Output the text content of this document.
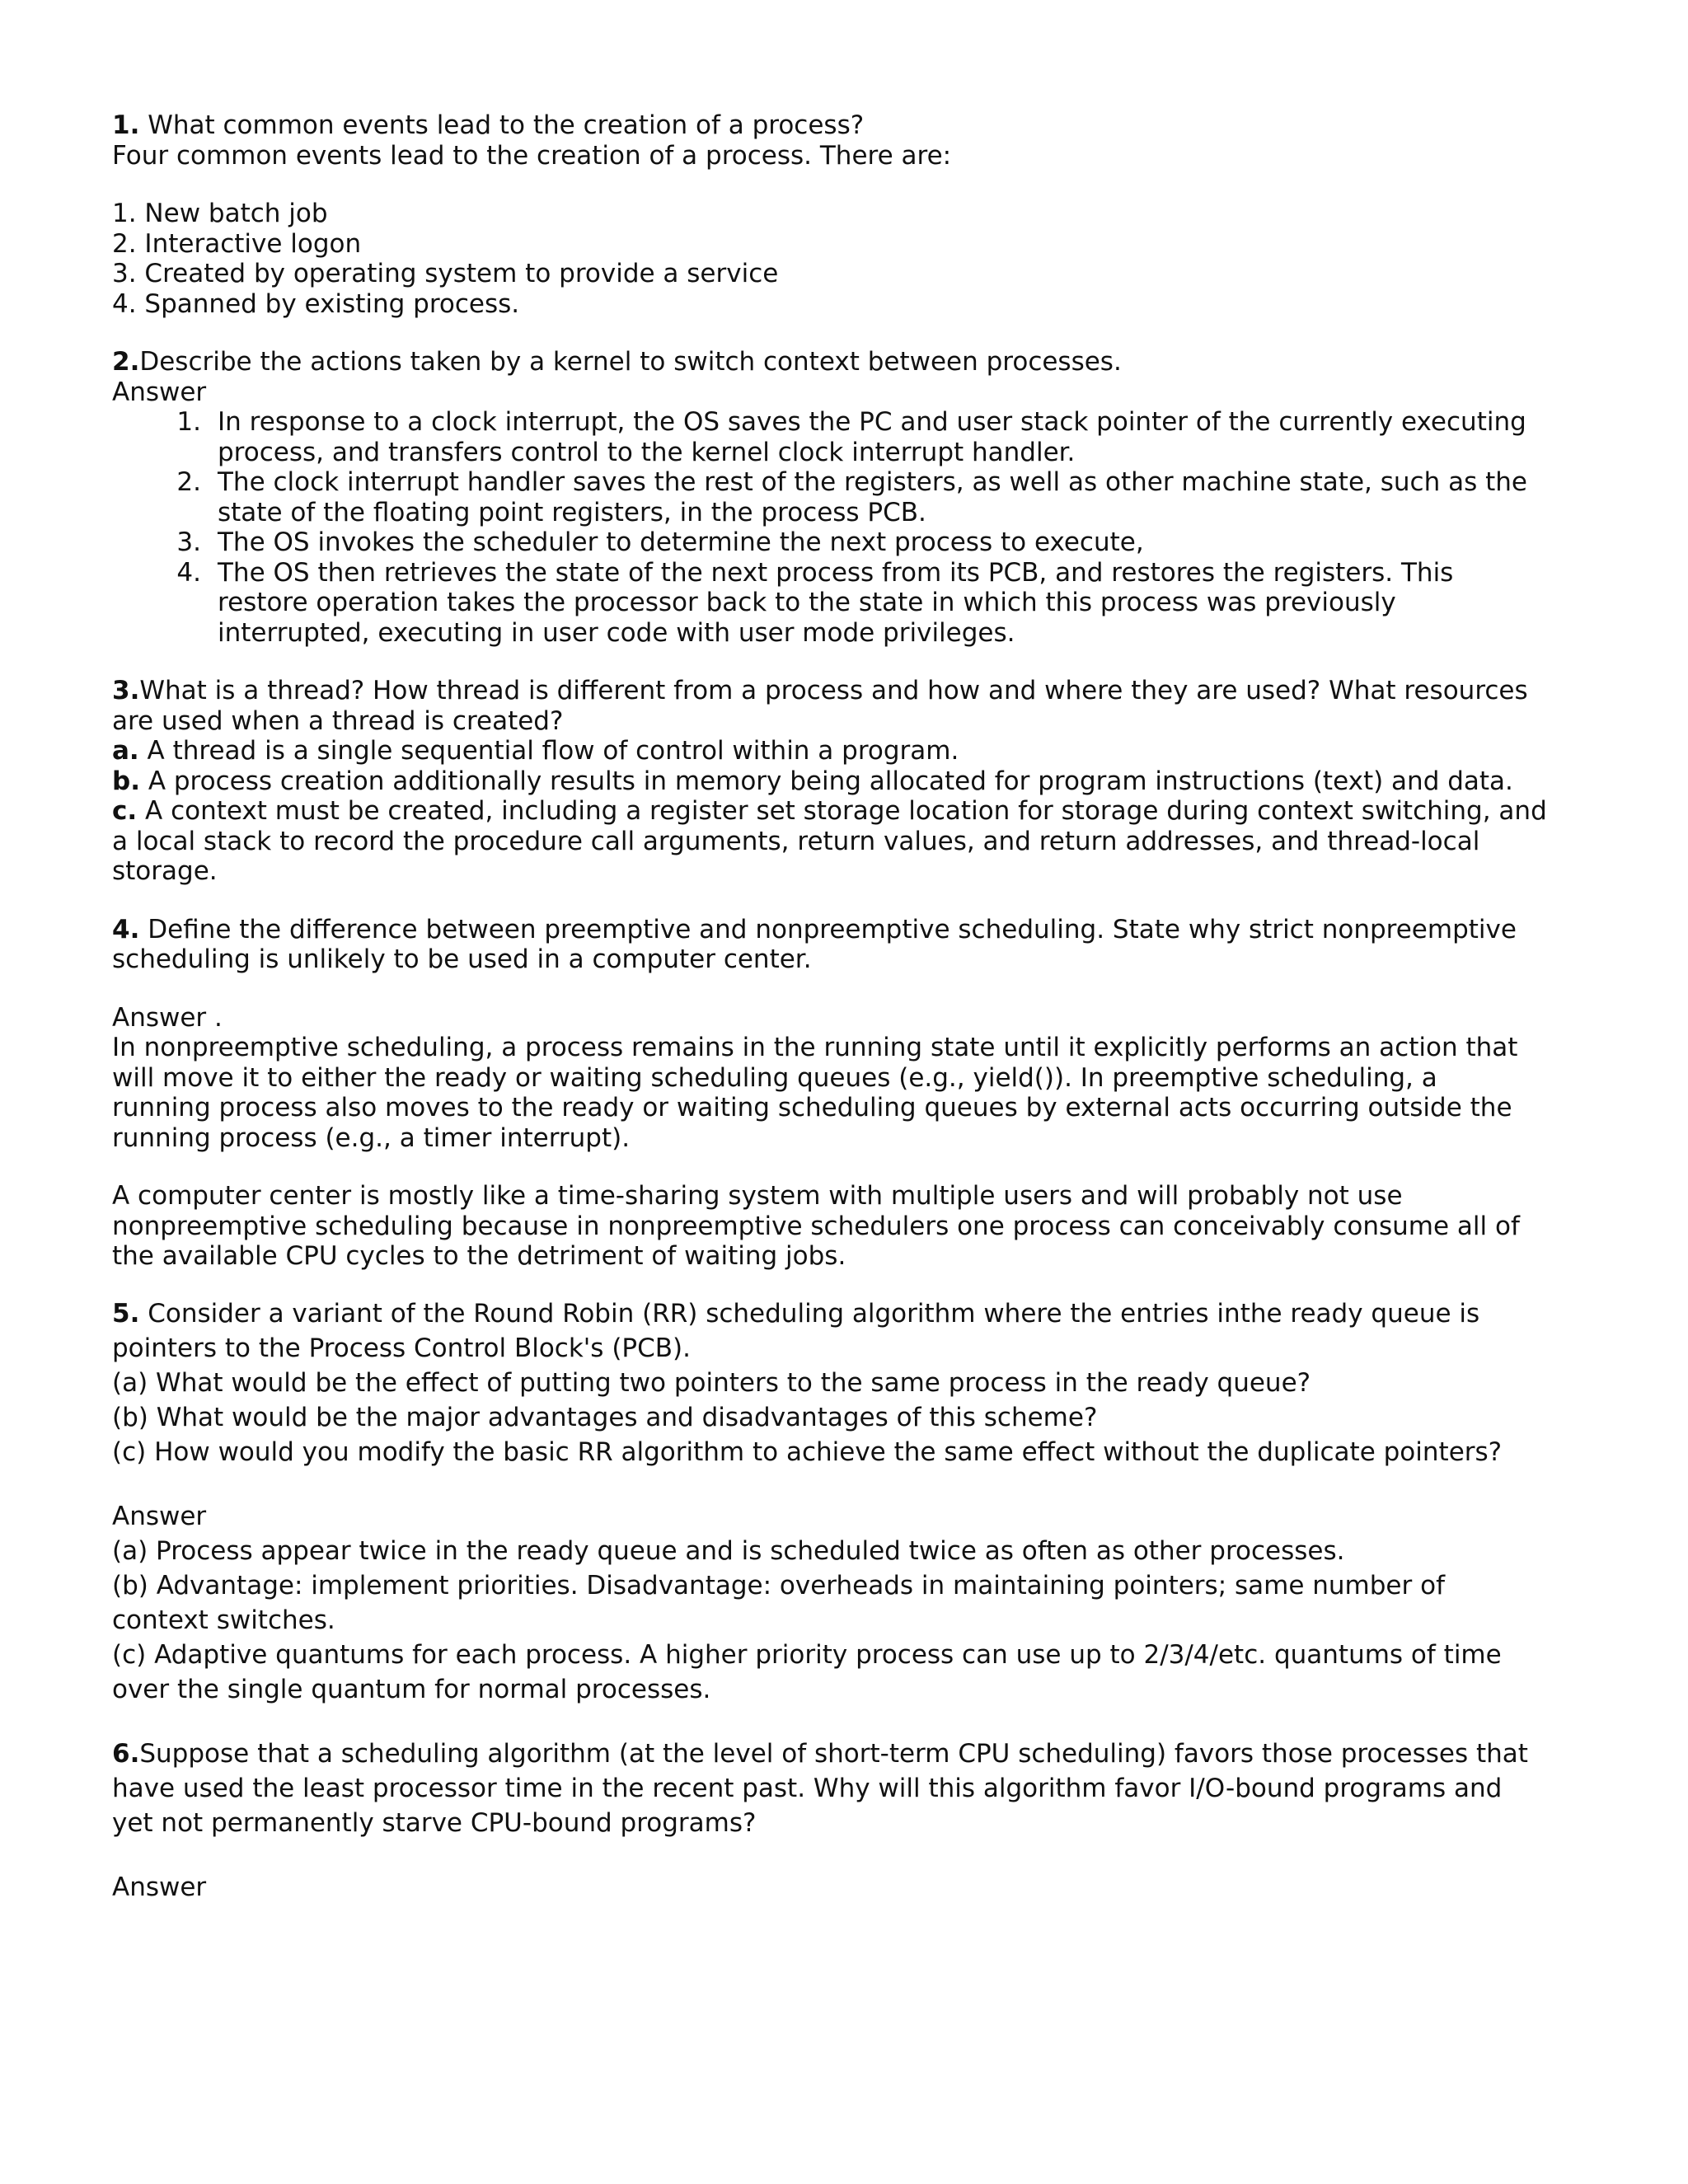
1. What common events lead to the creation of a process?
Four common events lead to the creation of a process. There are:
1. New batch job
2. Interactive logon
3. Created by operating system to provide a service
4. Spanned by existing process.
2.Describe the actions taken by a kernel to switch context between processes.
Answer
1. In response to a clock interrupt, the OS saves the PC and user stack pointer of the currently executing
process, and transfers control to the kernel clock interrupt handler.
2. The clock interrupt handler saves the rest of the registers, as well as other machine state, such as the
state of the floating point registers, in the process PCB.
3. The OS invokes the scheduler to determine the next process to execute,
4. The OS then retrieves the state of the next process from its PCB, and restores the registers. This
restore operation takes the processor back to the state in which this process was previously
interrupted, executing in user code with user mode privileges.
3.What is a thread? How thread is different from a process and how and where they are used? What resources
are used when a thread is created?
a. A thread is a single sequential flow of control within a program.
b. A process creation additionally results in memory being allocated for program instructions (text) and data.
c. A context must be created, including a register set storage location for storage during context switching, and
a local stack to record the procedure call arguments, return values, and return addresses, and thread-local
storage.
4. Define the difference between preemptive and nonpreemptive scheduling. State why strict nonpreemptive
scheduling is unlikely to be used in a computer center.
Answer .
In nonpreemptive scheduling, a process remains in the running state until it explicitly performs an action that
will move it to either the ready or waiting scheduling queues (e.g., yield()). In preemptive scheduling, a
running process also moves to the ready or waiting scheduling queues by external acts occurring outside the
running process (e.g., a timer interrupt).
A computer center is mostly like a time-sharing system with multiple users and will probably not use
nonpreemptive scheduling because in nonpreemptive schedulers one process can conceivably consume all of
the available CPU cycles to the detriment of waiting jobs.
5. Consider a variant of the Round Robin (RR) scheduling algorithm where the entries inthe ready queue is
pointers to the Process Control Block's (PCB).
(a) What would be the effect of putting two pointers to the same process in the ready queue?
(b) What would be the major advantages and disadvantages of this scheme?
(c) How would you modify the basic RR algorithm to achieve the same effect without the duplicate pointers?
Answer
(a) Process appear twice in the ready queue and is scheduled twice as often as other processes.
(b) Advantage: implement priorities. Disadvantage: overheads in maintaining pointers; same number of
context switches.
(c) Adaptive quantums for each process. A higher priority process can use up to 2/3/4/etc. quantums of time
over the single quantum for normal processes.
6.Suppose that a scheduling algorithm (at the level of short-term CPU scheduling) favors those processes that
have used the least processor time in the recent past. Why will this algorithm favor I/O-bound programs and
yet not permanently starve CPU-bound programs?
Answer
